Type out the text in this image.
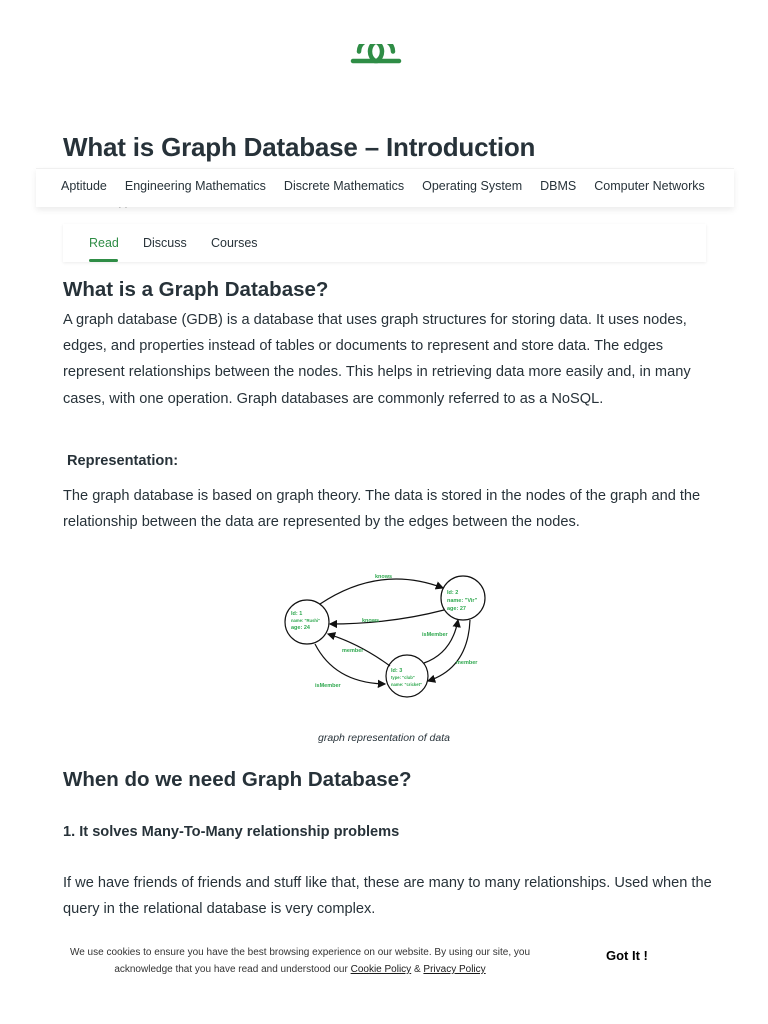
What is Graph Database – Introduction
Aptitude Engineering Mathematics Discrete Mathematics Operating System DBMS Computer Networks
Read Discuss Courses
What is a Graph Database?

A graph database (GDB) is a database that uses graph structures for storing data. It uses nodes, edges, and properties instead of tables or documents to represent and store data. The edges represent relationships between the nodes. This helps in retrieving data more easily and, in many cases, with one operation. Graph databases are commonly referred to as a NoSQL.

Representation:

The graph database is based on graph theory. The data is stored in the nodes of the graph and the relationship between the data are represented by the edges between the nodes.

Id: 1
name: "Rushi"
age: 24
Id: 2
name: "Vir"
age: 27
Id: 3
type: "club"
name: "cricket"
knows
knows
isMember
member
member
isMember
graph representation of data
When do we need Graph Database?
1. It solves Many-To-Many relationship problems

If we have friends of friends and stuff like that, these are many to many relationships. Used when the query in the relational database is very complex.

We use cookies to ensure you have the best browsing experience on our website. By using our site, you acknowledge that you have read and understood our Cookie Policy & Privacy Policy
Got It !
